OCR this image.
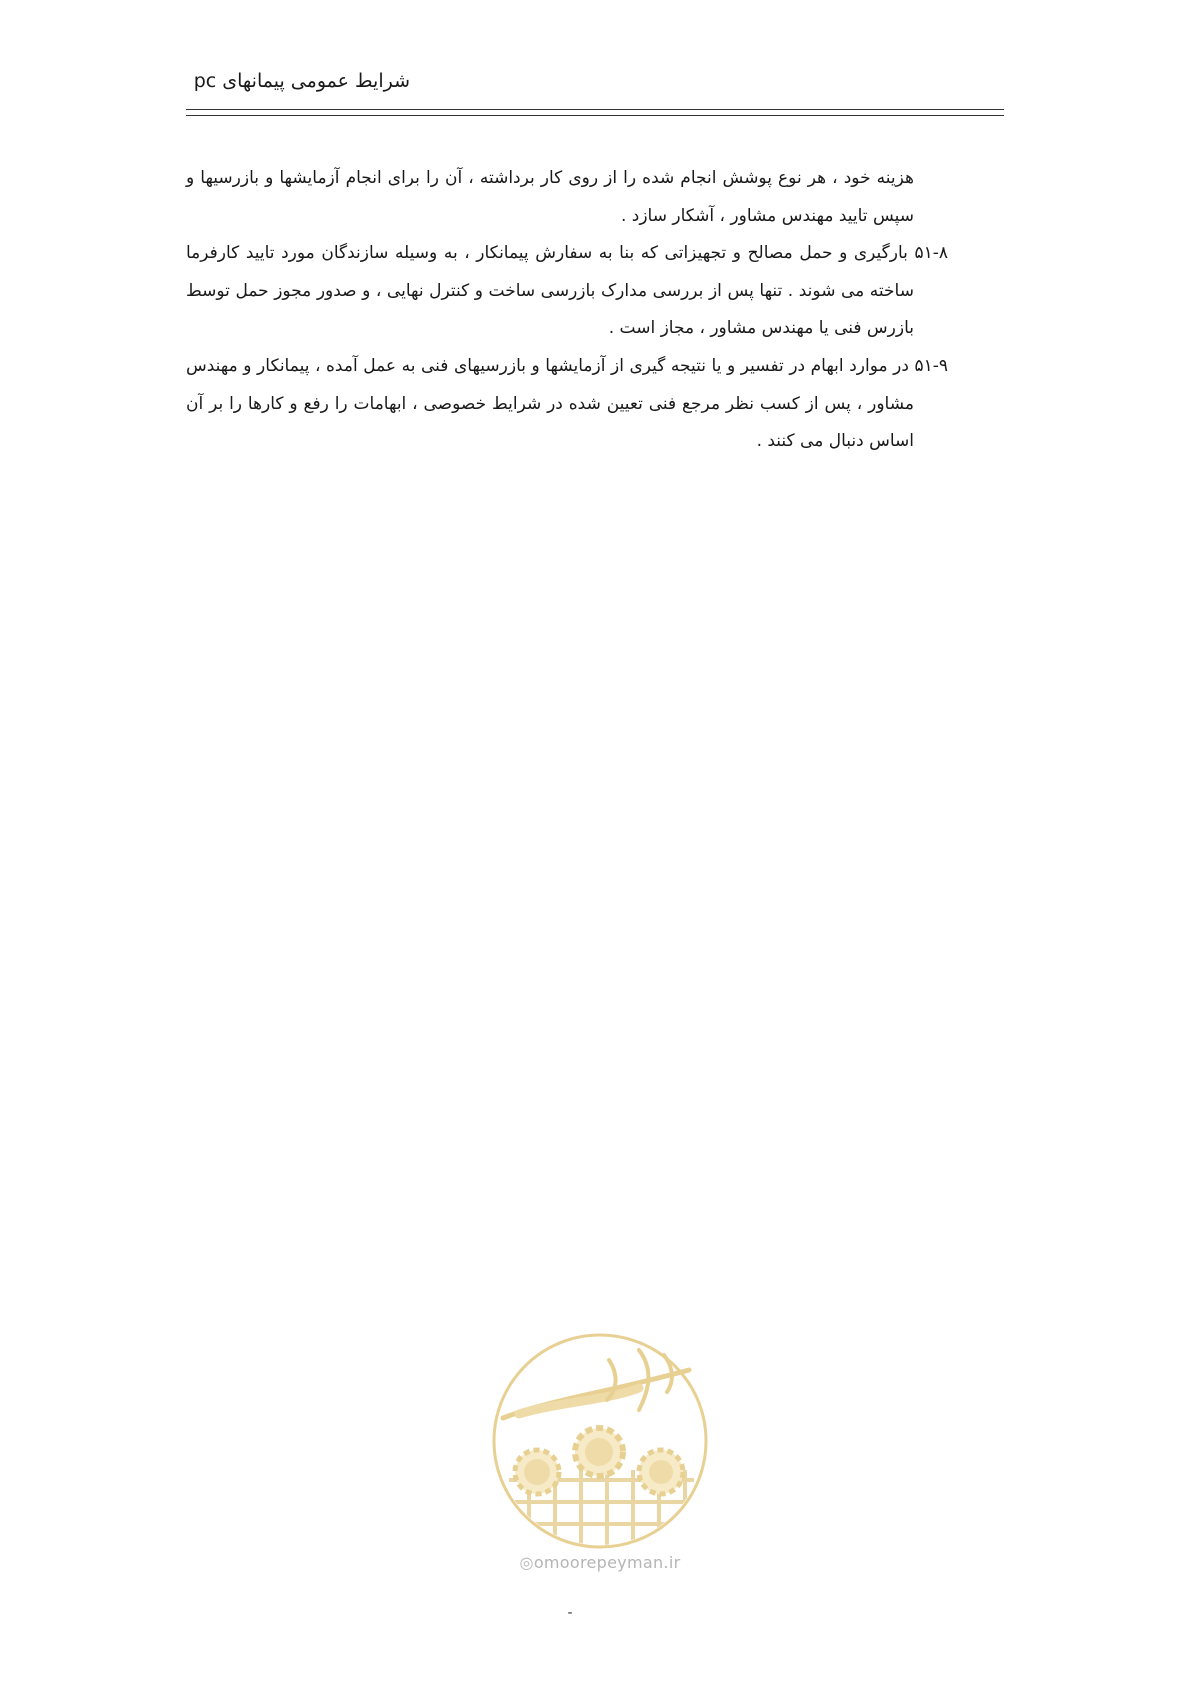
شرایط عمومی پیمانهای pc

هزینه خود ، هر نوع پوشش انجام شده را از روی کار برداشته ، آن را برای انجام آزمایشها و بازرسیها و سپس تایید مهندس مشاور ، آشکار سازد .

۵۱-۸ بارگیری و حمل مصالح و تجهیزاتی که بنا به سفارش پیمانکار ، به وسیله سازندگان مورد تایید کارفرما ساخته می شوند . تنها پس از بررسی مدارک بازرسی ساخت و کنترل نهایی ، و صدور مجوز حمل توسط بازرس فنی یا مهندس مشاور ، مجاز است .

۵۱-۹ در موارد ابهام در تفسیر و یا نتیجه گیری از آزمایشها و بازرسیهای فنی به عمل آمده ، پیمانکار و مهندس مشاور ، پس از کسب نظر مرجع فنی تعیین شده در شرایط خصوصی ، ابهامات را رفع و کارها را بر آن اساس دنبال می کنند .

◎omoorepeyman.ir
-
